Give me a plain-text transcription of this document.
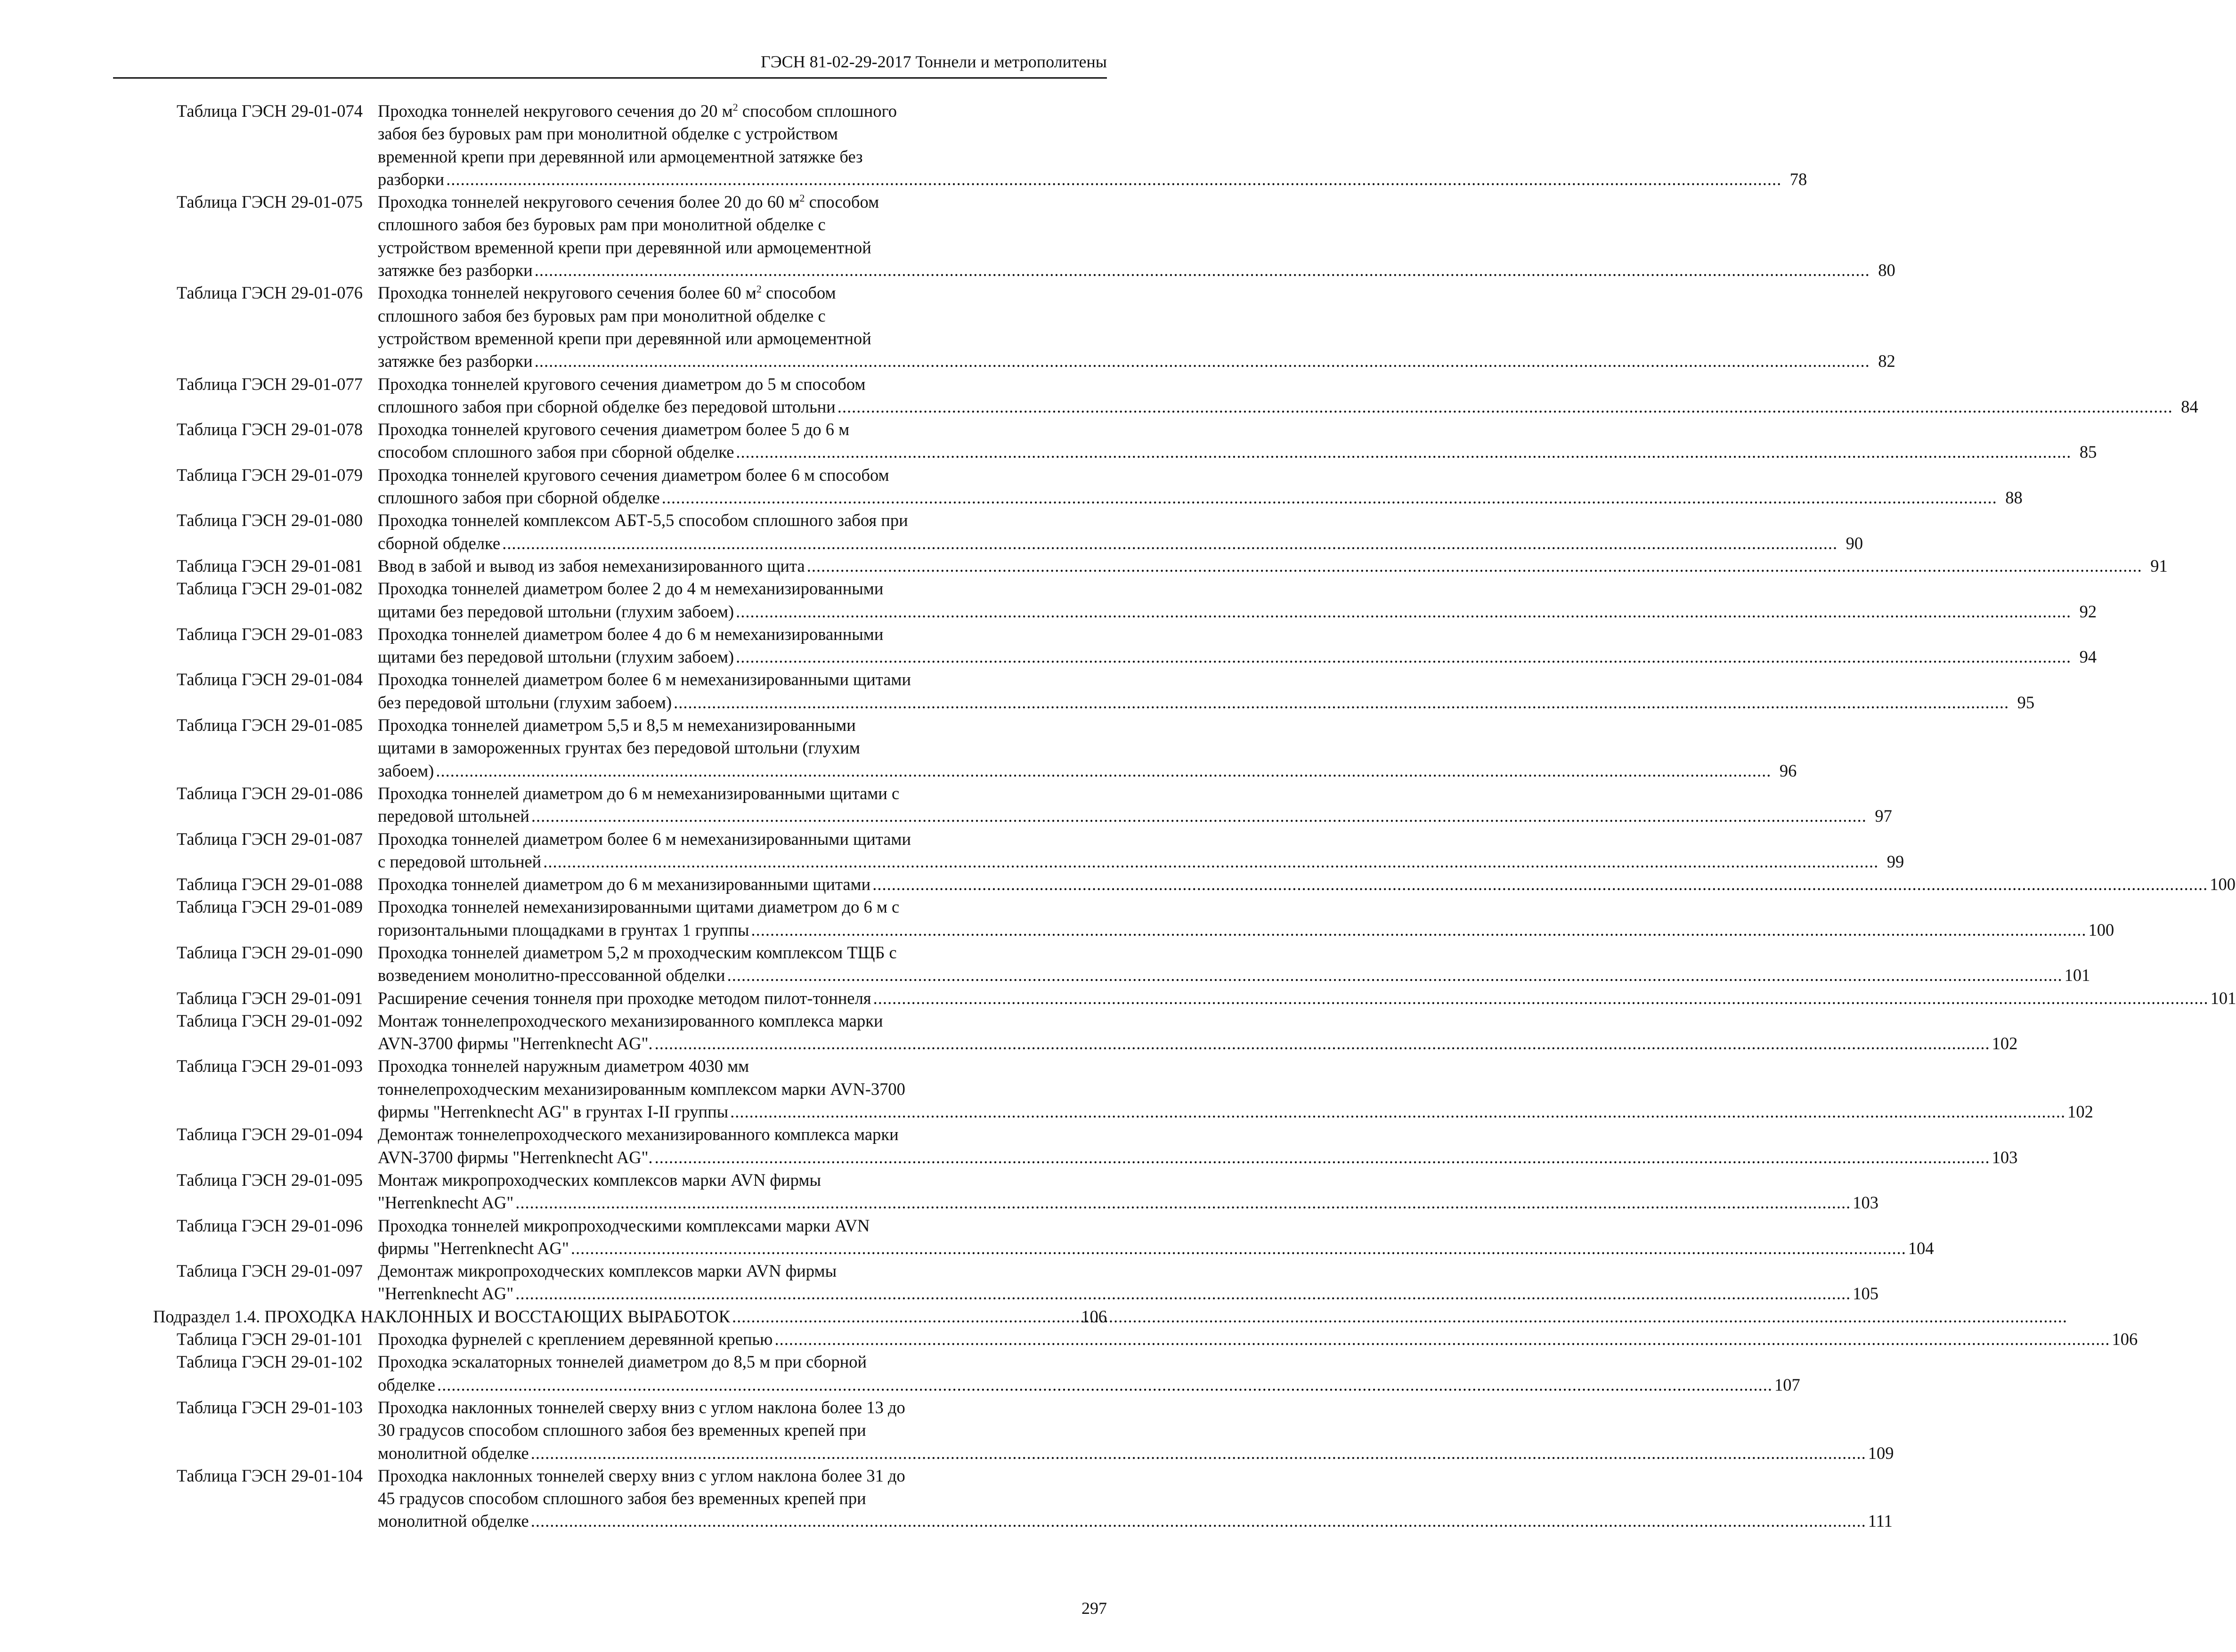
ГЭСН 81-02-29-2017 Тоннели и метрополитены
Таблица ГЭСН 29-01-074 Проходка тоннелей некругового сечения до 20 $м^2$ способом сплошного
забоя без буровых рам при монолитной обделке с устройством
временной крепи при деревянной или армоцементной затяжке без
разборки .....	78
Таблица ГЭСН 29-01-075 Проходка тоннелей некругового сечения более 20 до 60 $м^2$ способом
сплошного забоя без буровых рам при монолитной обделке с
устройством временной крепи при деревянной или армоцементной
затяжке без разборки .....	80
Таблица ГЭСН 29-01-076 Проходка тоннелей некругового сечения более 60 $м^2$ способом
сплошного забоя без буровых рам при монолитной обделке с
устройством временной крепи при деревянной или армоцементной
затяжке без разборки .....	82
Таблица ГЭСН 29-01-077 Проходка тоннелей кругового сечения диаметром до 5 м способом
сплошного забоя при сборной обделке без передовой штольни .....	84
Таблица ГЭСН 29-01-078 Проходка тоннелей кругового сечения диаметром более 5 до 6 м
способом сплошного забоя при сборной обделке .....	85
Таблица ГЭСН 29-01-079 Проходка тоннелей кругового сечения диаметром более 6 м способом
сплошного забоя при сборной обделке .....	88
Таблица ГЭСН 29-01-080 Проходка тоннелей комплексом АБТ-5,5 способом сплошного забоя при
сборной обделке .....	90
Таблица ГЭСН 29-01-081 Ввод в забой и вывод из забоя немеханизированного щита .....	91
Таблица ГЭСН 29-01-082 Проходка тоннелей диаметром более 2 до 4 м немеханизированными
щитами без передовой штольни (глухим забоем) .....	92
Таблица ГЭСН 29-01-083 Проходка тоннелей диаметром более 4 до 6 м немеханизированными
щитами без передовой штольни (глухим забоем) .....	94
Таблица ГЭСН 29-01-084 Проходка тоннелей диаметром более 6 м немеханизированными щитами
без передовой штольни (глухим забоем) .....	95
Таблица ГЭСН 29-01-085 Проходка тоннелей диаметром 5,5 и 8,5 м немеханизированными
щитами в замороженных грунтах без передовой штольни (глухим
забоем) .....	96
Таблица ГЭСН 29-01-086 Проходка тоннелей диаметром до 6 м немеханизированными щитами с
передовой штольней .....	97
Таблица ГЭСН 29-01-087 Проходка тоннелей диаметром более 6 м немеханизированными щитами
с передовой штольней .....	99
Таблица ГЭСН 29-01-088 Проходка тоннелей диаметром до 6 м механизированными щитами .....	100
Таблица ГЭСН 29-01-089 Проходка тоннелей немеханизированными щитами диаметром до 6 м с
горизонтальными площадками в грунтах 1 группы .....	100
Таблица ГЭСН 29-01-090 Проходка тоннелей диаметром 5,2 м проходческим комплексом ТЩБ с
возведением монолитно-прессованной обделки .....	101
Таблица ГЭСН 29-01-091 Расширение сечения тоннеля при проходке методом пилот-тоннеля .....	101
Таблица ГЭСН 29-01-092 Монтаж тоннелепроходческого механизированного комплекса марки
AVN-3700 фирмы "Herrenknecht AG". .....	102
Таблица ГЭСН 29-01-093 Проходка тоннелей наружным диаметром 4030 мм
тоннелепроходческим механизированным комплексом марки AVN-3700
фирмы "Herrenknecht AG" в грунтах I-II группы .....	102
Таблица ГЭСН 29-01-094 Демонтаж тоннелепроходческого механизированного комплекса марки
AVN-3700 фирмы "Herrenknecht AG". .....	103
Таблица ГЭСН 29-01-095 Монтаж микропроходческих комплексов марки AVN фирмы
"Herrenknecht AG" .....	103
Таблица ГЭСН 29-01-096 Проходка тоннелей микропроходческими комплексами марки AVN
фирмы "Herrenknecht AG" .....	104
Таблица ГЭСН 29-01-097 Демонтаж микропроходческих комплексов марки AVN фирмы
"Herrenknecht AG" .....	105
Подраздел 1.4. ПРОХОДКА НАКЛОННЫХ И ВОССТАЮЩИХ ВЫРАБОТОК .....	106
Таблица ГЭСН 29-01-101 Проходка фурнелей с креплением деревянной крепью .....	106
Таблица ГЭСН 29-01-102 Проходка эскалаторных тоннелей диаметром до 8,5 м при сборной
обделке .....	107
Таблица ГЭСН 29-01-103 Проходка наклонных тоннелей сверху вниз с углом наклона более 13 до
30 градусов способом сплошного забоя без временных крепей при
монолитной обделке .....	109
Таблица ГЭСН 29-01-104 Проходка наклонных тоннелей сверху вниз с углом наклона более 31 до
45 градусов способом сплошного забоя без временных крепей при
монолитной обделке .....	111
297
